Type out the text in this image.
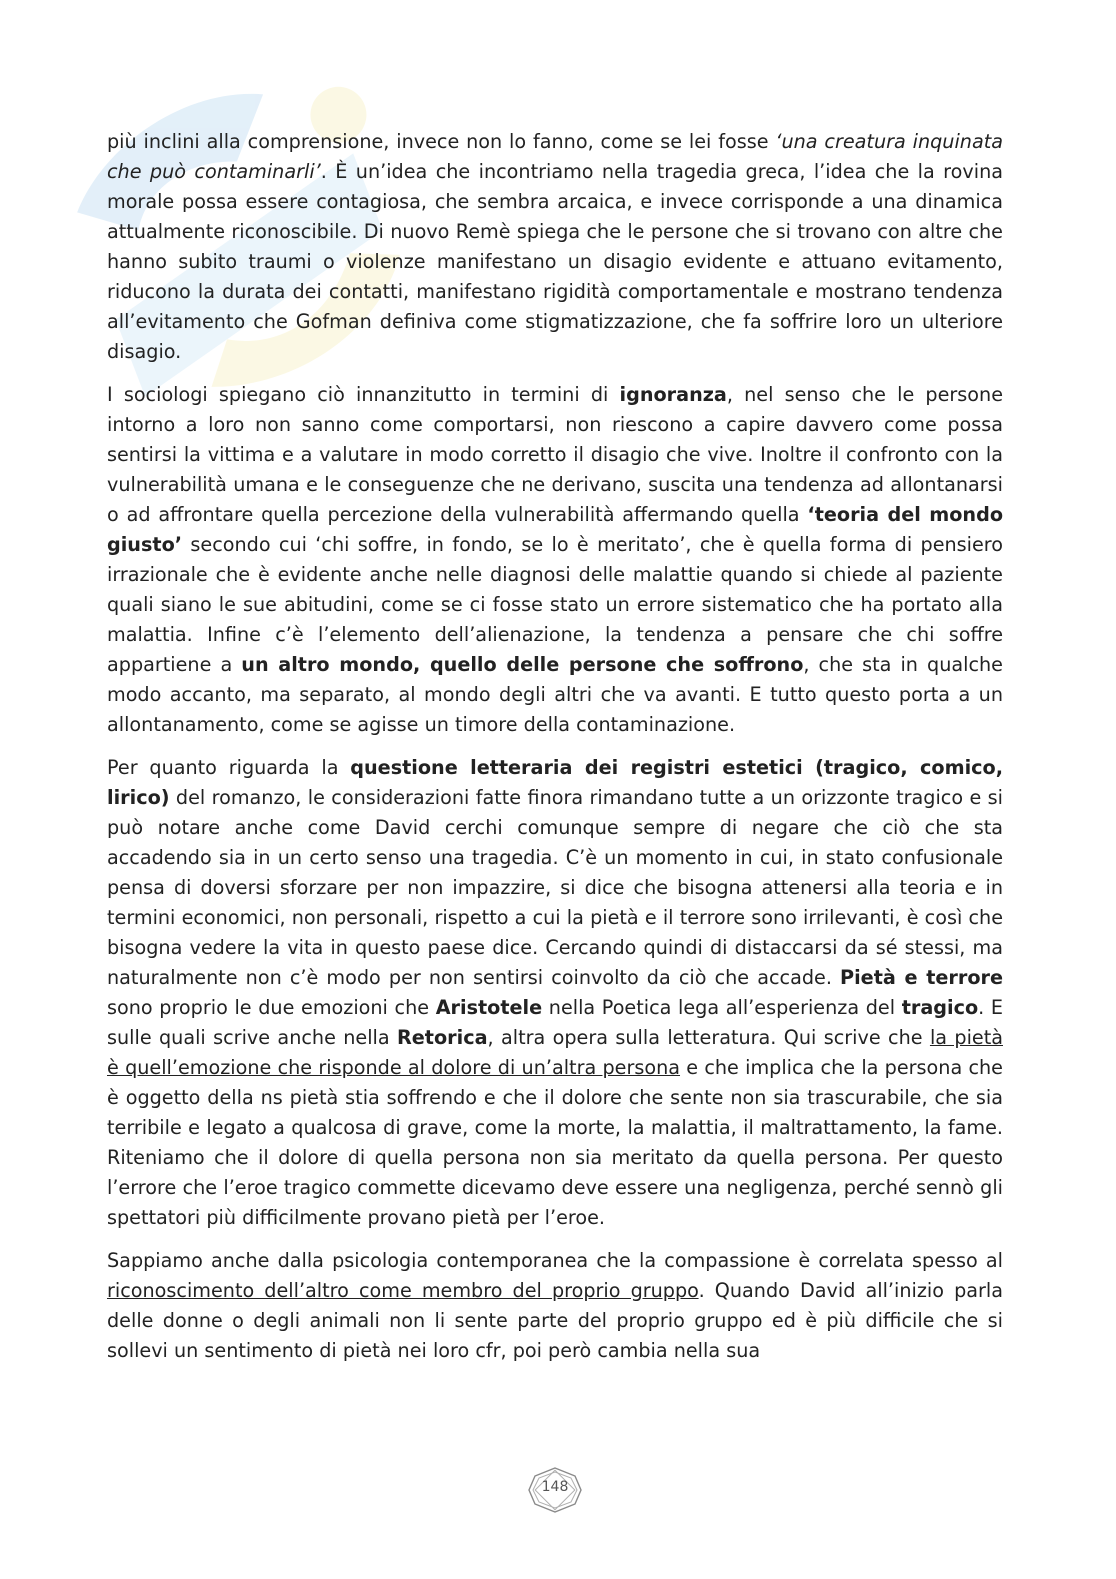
più inclini alla comprensione, invece non lo fanno, come se lei fosse ‘una creatura inquinata che può contaminarli’. È un’idea che incontriamo nella tragedia greca, l’idea che la rovina morale possa essere contagiosa, che sembra arcaica, e invece corrisponde a una dinamica attualmente riconoscibile. Di nuovo Remè spiega che le persone che si trovano con altre che hanno subito traumi o violenze manifestano un disagio evidente e attuano evitamento, riducono la durata dei contatti, manifestano rigidità comportamentale e mostrano tendenza all’evitamento che Gofman definiva come stigmatizzazione, che fa soffrire loro un ulteriore disagio.

I sociologi spiegano ciò innanzitutto in termini di ignoranza, nel senso che le persone intorno a loro non sanno come comportarsi, non riescono a capire davvero come possa sentirsi la vittima e a valutare in modo corretto il disagio che vive. Inoltre il confronto con la vulnerabilità umana e le conseguenze che ne derivano, suscita una tendenza ad allontanarsi o ad affrontare quella percezione della vulnerabilità affermando quella ‘teoria del mondo giusto’ secondo cui ‘chi soffre, in fondo, se lo è meritato’, che è quella forma di pensiero irrazionale che è evidente anche nelle diagnosi delle malattie quando si chiede al paziente quali siano le sue abitudini, come se ci fosse stato un errore sistematico che ha portato alla malattia. Infine c’è l’elemento dell’alienazione, la tendenza a pensare che chi soffre appartiene a un altro mondo, quello delle persone che soffrono, che sta in qualche modo accanto, ma separato, al mondo degli altri che va avanti. E tutto questo porta a un allontanamento, come se agisse un timore della contaminazione.

Per quanto riguarda la questione letteraria dei registri estetici (tragico, comico, lirico) del romanzo, le considerazioni fatte finora rimandano tutte a un orizzonte tragico e si può notare anche come David cerchi comunque sempre di negare che ciò che sta accadendo sia in un certo senso una tragedia. C’è un momento in cui, in stato confusionale pensa di doversi sforzare per non impazzire, si dice che bisogna attenersi alla teoria e in termini economici, non personali, rispetto a cui la pietà e il terrore sono irrilevanti, è così che bisogna vedere la vita in questo paese dice. Cercando quindi di distaccarsi da sé stessi, ma naturalmente non c’è modo per non sentirsi coinvolto da ciò che accade. Pietà e terrore sono proprio le due emozioni che Aristotele nella Poetica lega all’esperienza del tragico. E sulle quali scrive anche nella Retorica, altra opera sulla letteratura. Qui scrive che la pietà è quell’emozione che risponde al dolore di un’altra persona e che implica che la persona che è oggetto della ns pietà stia soffrendo e che il dolore che sente non sia trascurabile, che sia terribile e legato a qualcosa di grave, come la morte, la malattia, il maltrattamento, la fame. Riteniamo che il dolore di quella persona non sia meritato da quella persona. Per questo l’errore che l’eroe tragico commette dicevamo deve essere una negligenza, perché sennò gli spettatori più difficilmente provano pietà per l’eroe.

Sappiamo anche dalla psicologia contemporanea che la compassione è correlata spesso al riconoscimento dell’altro come membro del proprio gruppo. Quando David all’inizio parla delle donne o degli animali non li sente parte del proprio gruppo ed è più difficile che si sollevi un sentimento di pietà nei loro cfr, poi però cambia nella sua

148
